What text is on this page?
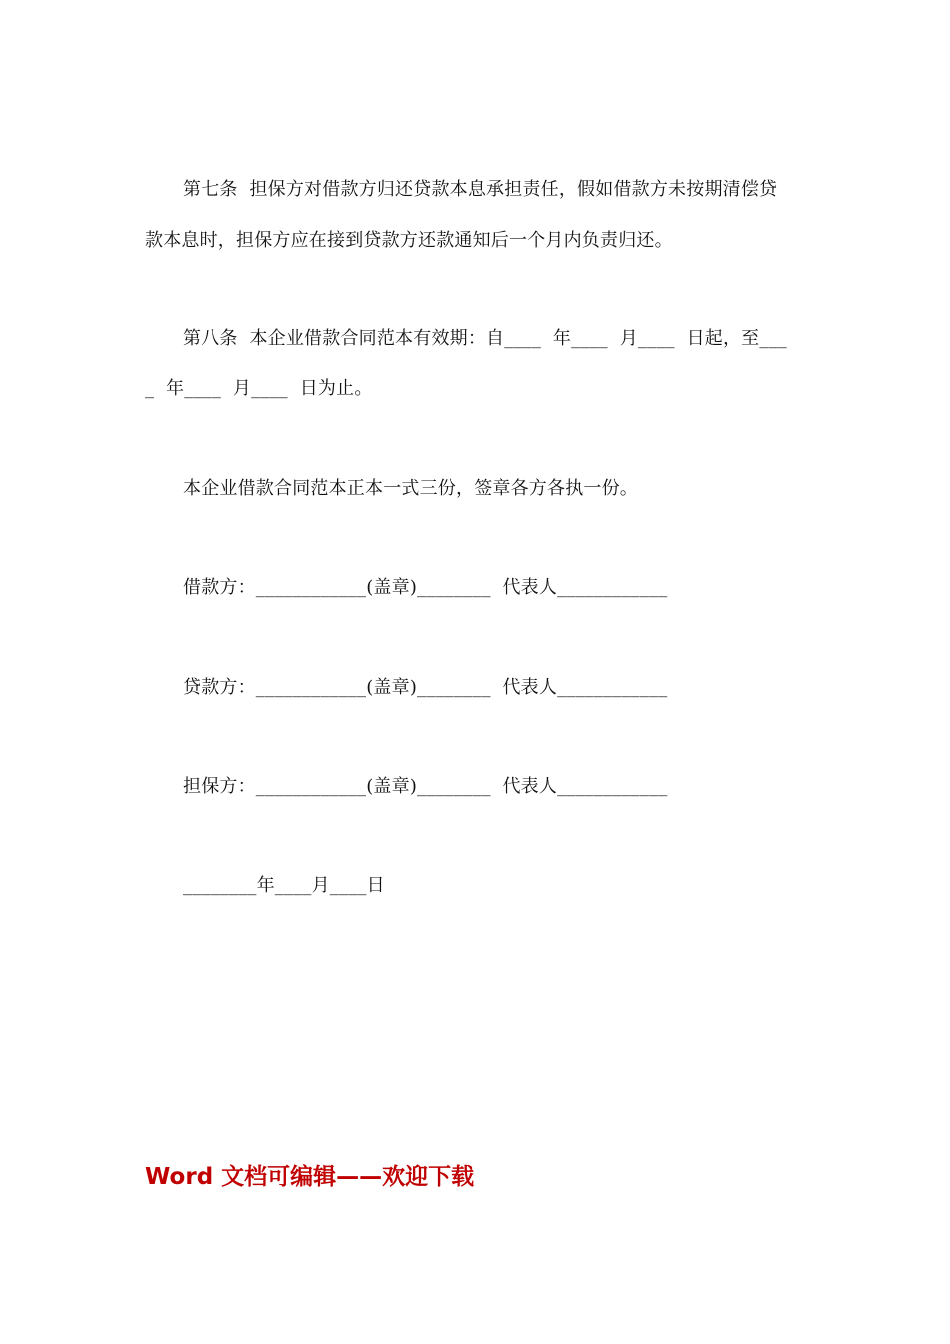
第七条  担保方对借款方归还贷款本息承担责任，假如借款方未按期清偿贷
款本息时，担保方应在接到贷款方还款通知后一个月内负责归还。
第八条  本企业借款合同范本有效期：自____  年____  月____  日起，至___
_  年____  月____  日为止。
本企业借款合同范本正本一式三份，签章各方各执一份。
借款方：____________(盖章)________  代表人____________
贷款方：____________(盖章)________  代表人____________
担保方：____________(盖章)________  代表人____________
________年____月____日
Word 文档可编辑——欢迎下载
